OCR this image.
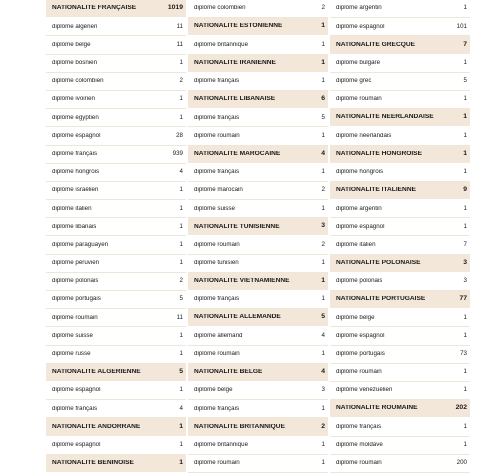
NATIONALITÉ FRANÇAISE	1019
diplôme algérien	11
diplôme belge	11
diplôme bosnien	1
diplôme colombien	2
diplôme ivoirien	1
diplôme égyptien	1
diplôme espagnol	28
diplôme français	939
diplôme hongrois	4
diplôme israélien	1
diplôme italien	1
diplôme libanais	1
diplôme paraguayen	1
diplôme péruvien	1
diplôme polonais	2
diplôme portugais	5
diplôme roumain	11
diplôme suisse	1
diplôme russe	1
NATIONALITÉ ALGÉRIENNE	5
diplôme espagnol	1
diplôme français	4
NATIONALITÉ ANDORRANE	1
diplôme espagnol	1
NATIONALITÉ BÉNINOISE	1
diplôme colombien	2
NATIONALITÉ ESTONIENNE	1
diplôme britannique	1
NATIONALITÉ IRANIENNE	1
diplôme français	1
NATIONALITÉ LIBANAISE	6
diplôme français	5
diplôme roumain	1
NATIONALITÉ MAROCAINE	4
diplôme français	1
diplôme marocain	2
diplôme suisse	1
NATIONALITÉ TUNISIENNE	3
diplôme roumain	2
diplôme tunisien	1
NATIONALITÉ VIETNAMIENNE	1
diplôme français	1
NATIONALITÉ ALLEMANDE	5
diplôme allemand	4
diplôme roumain	1
NATIONALITÉ BELGE	4
diplôme belge	3
diplôme français	1
NATIONALITÉ BRITANNIQUE	2
diplôme britannique	1
diplôme roumain	1
diplôme argentin	1
diplôme espagnol	101
NATIONALITÉ GRECQUE	7
diplôme bulgare	1
diplôme grec	5
diplôme roumain	1
NATIONALITÉ NÉERLANDAISE	1
diplôme néerlandais	1
NATIONALITÉ HONGROISE	1
diplôme hongrois	1
NATIONALITÉ ITALIENNE	9
diplôme argentin	1
diplôme espagnol	1
diplôme italien	7
NATIONALITÉ POLONAISE	3
diplôme polonais	3
NATIONALITÉ PORTUGAISE	77
diplôme belge	1
diplôme espagnol	1
diplôme portugais	73
diplôme roumain	1
diplôme vénézuélien	1
NATIONALITÉ ROUMAINE	202
diplôme français	1
diplôme moldave	1
diplôme roumain	200
